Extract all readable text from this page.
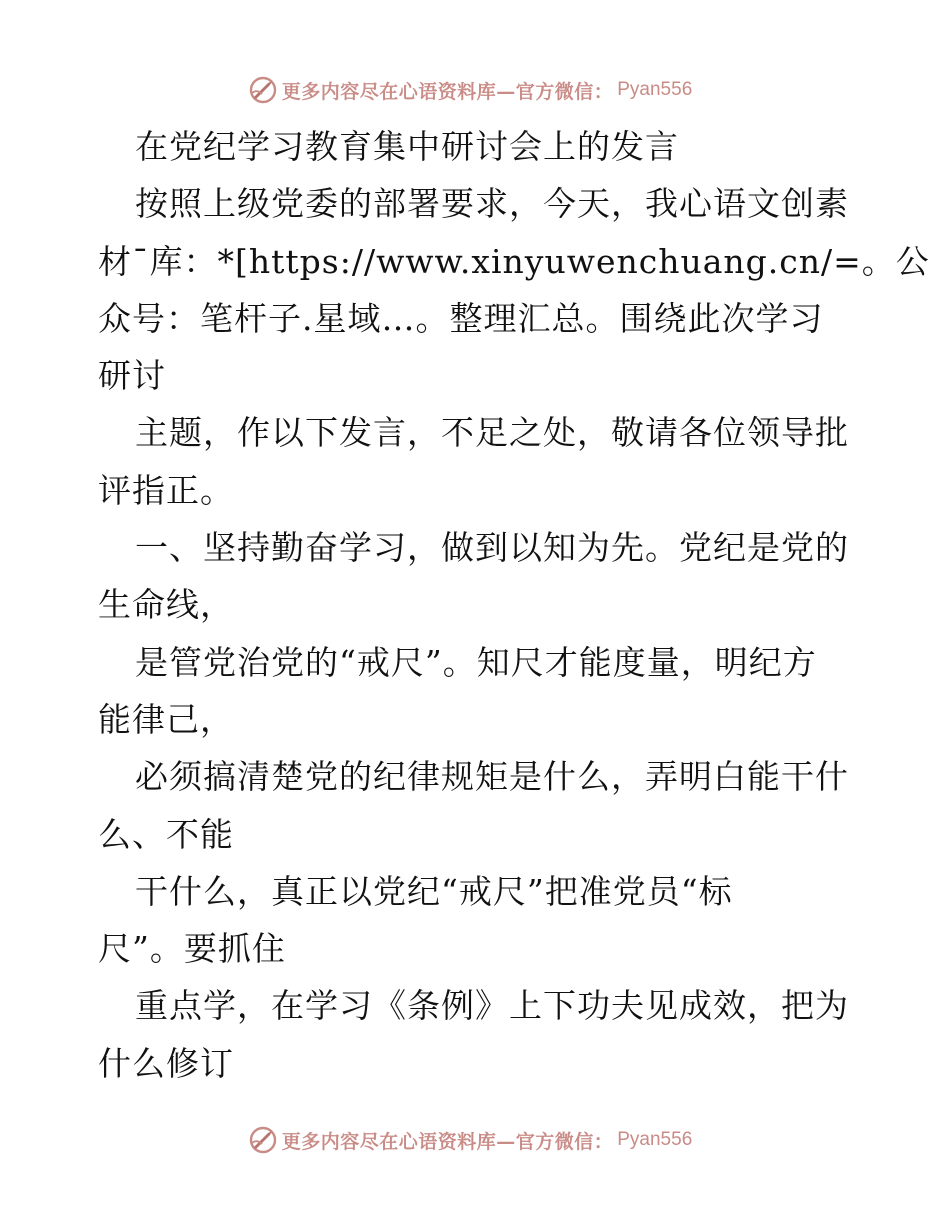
更多内容尽在心语资料库—官方微信： Pyan556
在党纪学习教育集中研讨会上的发言
按照上级党委的部署要求，今天，我心语文创素
材¯库：*[https://www.xinyuwenchuang.cn/=。公
众号：笔杆子.星域…。整理汇总。围绕此次学习
研讨
主题，作以下发言，不足之处，敬请各位领导批
评指正。
一、坚持勤奋学习，做到以知为先。党纪是党的
生命线，
是管党治党的“戒尺”。知尺才能度量，明纪方
能律己，
必须搞清楚党的纪律规矩是什么，弄明白能干什
么、不能
干什么，真正以党纪“戒尺”把准党员“标
尺”。要抓住
重点学，在学习《条例》上下功夫见成效，把为
什么修订
更多内容尽在心语资料库—官方微信： Pyan556
